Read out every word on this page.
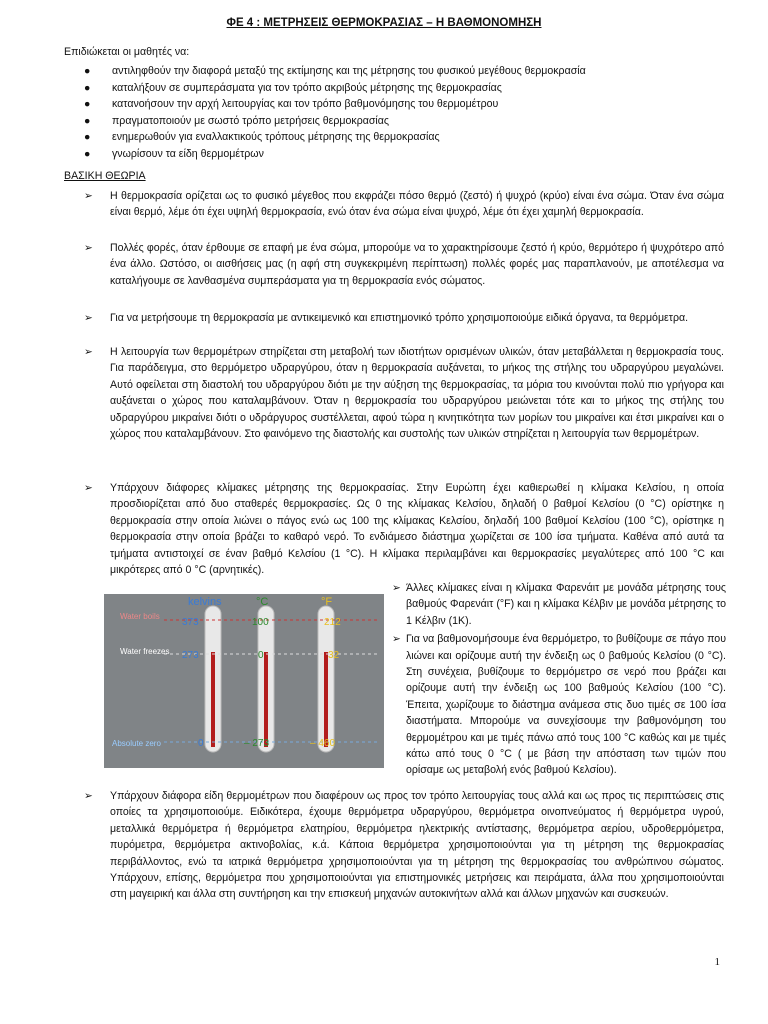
ΦΕ 4 : ΜΕΤΡΗΣΕΙΣ ΘΕΡΜΟΚΡΑΣΙΑΣ – Η ΒΑΘΜΟΝΟΜΗΣΗ
Επιδιώκεται οι μαθητές να:
● αντιληφθούν την διαφορά μεταξύ της εκτίμησης και της μέτρησης του φυσικού μεγέθους θερμοκρασία
● καταλήξουν σε συμπεράσματα για τον τρόπο ακριβούς μέτρησης της θερμοκρασίας
● κατανοήσουν την αρχή λειτουργίας και τον τρόπο βαθμονόμησης του θερμομέτρου
● πραγματοποιούν με σωστό τρόπο μετρήσεις θερμοκρασίας
● ενημερωθούν για εναλλακτικούς τρόπους μέτρησης της θερμοκρασίας
● γνωρίσουν τα είδη θερμομέτρων
ΒΑΣΙΚΗ ΘΕΩΡΙΑ
➢	Η θερμοκρασία ορίζεται ως το φυσικό μέγεθος που εκφράζει πόσο θερμό (ζεστό) ή ψυχρό (κρύο) είναι ένα σώμα. Όταν ένα σώμα είναι θερμό, λέμε ότι έχει υψηλή θερμοκρασία, ενώ όταν ένα σώμα είναι ψυχρό, λέμε ότι έχει χαμηλή θερμοκρασία.
➢	Πολλές φορές, όταν έρθουμε σε επαφή με ένα σώμα, μπορούμε να το χαρακτηρίσουμε ζεστό ή κρύο, θερμότερο ή ψυχρότερο από ένα άλλο. Ωστόσο, οι αισθήσεις μας (η αφή στη συγκεκριμένη περίπτωση) πολλές φορές μας παραπλανούν, με αποτέλεσμα να καταλήγουμε σε λανθασμένα συμπεράσματα για τη θερμοκρασία ενός σώματος.
➢	Για να μετρήσουμε τη θερμοκρασία με αντικειμενικό και επιστημονικό τρόπο χρησιμοποιούμε ειδικά όργανα, τα θερμόμετρα.
➢	Η λειτουργία των θερμομέτρων στηρίζεται στη μεταβολή των ιδιοτήτων ορισμένων υλικών, όταν μεταβάλλεται η θερμοκρασία τους. Για παράδειγμα, στο θερμόμετρο υδραργύρου, όταν η θερμοκρασία αυξάνεται, το μήκος της στήλης του υδραργύρου μεγαλώνει. Αυτό οφείλεται στη διαστολή του υδραργύρου διότι με την αύξηση της θερμοκρασίας, τα μόρια του κινούνται πολύ πιο γρήγορα και αυξάνεται ο χώρος που καταλαμβάνουν. Όταν η θερμοκρασία του υδραργύρου μειώνεται τότε και το μήκος της στήλης του υδραργύρου μικραίνει διότι ο υδράργυρος συστέλλεται, αφού τώρα η κινητικότητα των μορίων του μικραίνει και έτσι μικραίνει και ο χώρος που καταλαμβάνουν. Στο φαινόμενο της διαστολής και συστολής των υλικών στηρίζεται η λειτουργία των θερμομέτρων.
➢	Υπάρχουν διάφορες κλίμακες μέτρησης της θερμοκρασίας. Στην Ευρώπη έχει καθιερωθεί η κλίμακα Κελσίου, η οποία προσδιορίζεται από δυο σταθερές θερμοκρασίες. Ως 0 της κλίμακας Κελσίου, δηλαδή 0 βαθμοί Κελσίου (0 °C) ορίστηκε η θερμοκρασία στην οποία λιώνει ο πάγος ενώ ως 100 της κλίμακας Κελσίου, δηλαδή 100 βαθμοί Κελσίου (100 °C), ορίστηκε η θερμοκρασία στην οποία βράζει το καθαρό νερό. Το ενδιάμεσο διάστημα χωρίζεται σε 100 ίσα τμήματα. Καθένα από αυτά τα τμήματα αντιστοιχεί σε έναν βαθμό Κελσίου (1 °C). Η κλίμακα περιλαμβάνει και θερμοκρασίες μεγαλύτερες από 100 °C και μικρότερες από 0 °C (αρνητικές).
kelvins	°C	°F
Water boils
Water freezes
Absolute zero
373	100	212
273	0	32
0	– 273	– 460
➢ Άλλες κλίμακες είναι η κλίμακα Φαρενάιτ με μονάδα μέτρησης τους βαθμούς Φαρενάιτ (°F) και η κλίμακα Κέλβιν με μονάδα μέτρησης το 1 Κέλβιν (1K).
➢ Για να βαθμονομήσουμε ένα θερμόμετρο, το βυθίζουμε σε πάγο που λιώνει και ορίζουμε αυτή την ένδειξη ως 0 βαθμούς Κελσίου (0 °C). Στη συνέχεια, βυθίζουμε το θερμόμετρο σε νερό που βράζει και ορίζουμε αυτή την ένδειξη ως 100 βαθμούς Κελσίου (100 °C). Έπειτα, χωρίζουμε το διάστημα ανάμεσα στις δυο τιμές σε 100 ίσα διαστήματα. Μπορούμε να συνεχίσουμε την βαθμονόμηση του θερμομέτρου και με τιμές πάνω από τους 100 °C καθώς και με τιμές κάτω από τους 0 °C ( με βάση την απόσταση των τιμών που ορίσαμε ως μεταβολή ενός βαθμού Κελσίου).
➢	Υπάρχουν διάφορα είδη θερμομέτρων που διαφέρουν ως προς τον τρόπο λειτουργίας τους αλλά και ως προς τις περιπτώσεις στις οποίες τα χρησιμοποιούμε. Ειδικότερα, έχουμε θερμόμετρα υδραργύρου, θερμόμετρα οινοπνεύματος ή θερμόμετρα υγρού, μεταλλικά θερμόμετρα ή θερμόμετρα ελατηρίου, θερμόμετρα ηλεκτρικής αντίστασης, θερμόμετρα αερίου, υδροθερμόμετρα, πυρόμετρα, θερμόμετρα ακτινοβολίας, κ.ά. Κάποια θερμόμετρα χρησιμοποιούνται για τη μέτρηση της θερμοκρασίας περιβάλλοντος, ενώ τα ιατρικά θερμόμετρα χρησιμοποιούνται για τη μέτρηση της θερμοκρασίας του ανθρώπινου σώματος. Υπάρχουν, επίσης, θερμόμετρα που χρησιμοποιούνται για επιστημονικές μετρήσεις και πειράματα, άλλα που χρησιμοποιούνται στη μαγειρική και άλλα στη συντήρηση και την επισκευή μηχανών αυτοκινήτων αλλά και άλλων μηχανών και συσκευών.
1
